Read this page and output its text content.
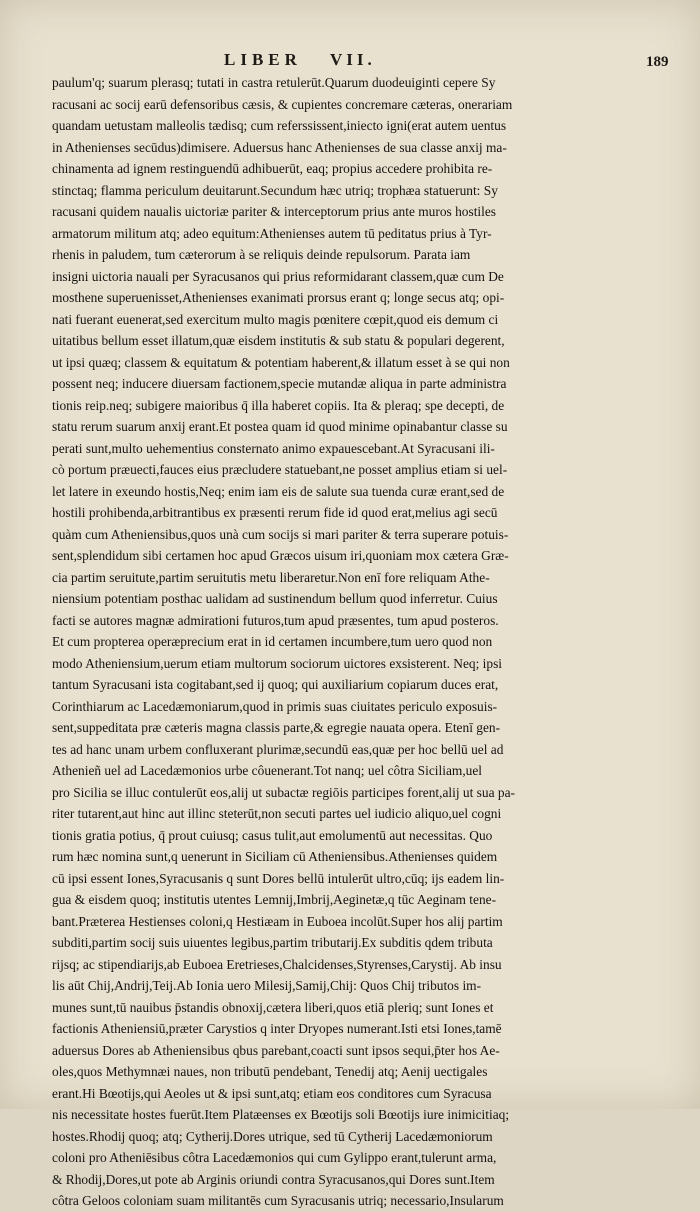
LIBER VII.	189
paulum'q; suarum plerasq; tutati in castra retulerūt.Quarum duodeuiginti cepere Sy
racusani ac socij earū defensoribus cæsis, & cupientes concremare cæteras, onerariam
quandam uetustam malleolis tædisq; cum referssissent,iniecto igni(erat autem uentus
in Athenienses secūdus)dimisere. Aduersus hanc Athenienses de sua classe anxij ma-
chinamenta ad ignem restinguendū adhibuerūt, eaq; propius accedere prohibita re-
stinctaq; flamma periculum deuitarunt.Secundum hæc utriq; trophæa statuerunt: Sy
racusani quidem naualis uictoriæ pariter & interceptorum prius ante muros hostiles
armatorum militum atq; adeo equitum:Athenienses autem tū peditatus prius à Tyr-
rhenis in paludem, tum cæterorum à se reliquis deinde repulsorum. Parata iam
insigni uictoria nauali per Syracusanos qui prius reformidarant classem,quæ cum De
mosthene superuenisset,Athenienses exanimati prorsus erant q; longe secus atq; opi-
nati fuerant euenerat,sed exercitum multo magis pœnitere cœpit,quod eis demum ci
uitatibus bellum esset illatum,quæ eisdem institutis & sub statu & populari degerent,
ut ipsi quæq; classem & equitatum & potentiam haberent,& illatum esset à se qui non
possent neq; inducere diuersam factionem,specie mutandæ aliqua in parte administra
tionis reip.neq; subigere maioribus q̄ illa haberet copiis. Ita & pleraq; spe decepti, de
statu rerum suarum anxij erant.Et postea quam id quod minime opinabantur classe su
perati sunt,multo uehementius consternato animo expauescebant.At Syracusani ili-
cò portum præuecti,fauces eius præcludere statuebant,ne posset amplius etiam si uel-
let latere in exeundo hostis,Neq; enim iam eis de salute sua tuenda curæ erant,sed de
hostili prohibenda,arbitrantibus ex præsenti rerum fide id quod erat,melius agi secū
quàm cum Atheniensibus,quos unà cum socijs si mari pariter & terra superare potuis-
sent,splendidum sibi certamen hoc apud Græcos uisum iri,quoniam mox cætera Græ-
cia partim seruitute,partim seruitutis metu liberaretur.Non enī fore reliquam Athe-
niensium potentiam posthac ualidam ad sustinendum bellum quod inferretur. Cuius
facti se autores magnæ admirationi futuros,tum apud præsentes, tum apud posteros.
Et cum propterea operæprecium erat in id certamen incumbere,tum uero quod non
modo Atheniensium,uerum etiam multorum sociorum uictores exsisterent. Neq; ipsi
tantum Syracusani ista cogitabant,sed ij quoq; qui auxiliarium copiarum duces erat,
Corinthiarum ac Lacedæmoniarum,quod in primis suas ciuitates periculo exposuis-
sent,suppeditata præ cæteris magna classis parte,& egregie nauata opera. Etenī gen-
tes ad hanc unam urbem confluxerant plurimæ,secundū eas,quæ per hoc bellū uel ad
Athenieñ uel ad Lacedæmonios urbe côuenerant.Tot nanq; uel côtra Siciliam,uel
pro Sicilia se illuc contulerūt eos,alij ut subactæ regiōis participes forent,alij ut sua pa-
riter tutarent,aut hinc aut illinc steterūt,non secuti partes uel iudicio aliquo,uel cogni
tionis gratia potius, q̄ prout cuiusq; casus tulit,aut emolumentū aut necessitas. Quo
rum hæc nomina sunt,q uenerunt in Siciliam cū Atheniensibus.Athenienses quidem
cū ipsi essent Iones,Syracusanis q sunt Dores bellū intulerūt ultro,cūq; ijs eadem lin-
gua & eisdem quoq; institutis utentes Lemnij,Imbrij,Aeginetæ,q tūc Aeginam tene-
bant.Præterea Hestienses coloni,q Hestiæam in Euboea incolūt.Super hos alij partim
subditi,partim socij suis uiuentes legibus,partim tributarij.Ex subditis qdem tributa
rijsq; ac stipendiarijs,ab Euboea Eretrieses,Chalcidenses,Styrenses,Carystij. Ab insu
lis aūt Chij,Andrij,Teij.Ab Ionia uero Milesij,Samij,Chij: Quos Chij tributos im-
munes sunt,tū nauibus p̄standis obnoxij,cætera liberi,quos etiā pleriq; sunt Iones et
factionis Atheniensiū,præter Carystios q inter Dryopes numerant.Isti etsi Iones,tamē
aduersus Dores ab Atheniensibus qbus parebant,coacti sunt ipsos sequi,p̄ter hos Ae-
oles,quos Methymnæi naues, non tributū pendebant, Tenedij atq; Aenij uectigales
erant.Hi Bœotijs,qui Aeoles ut & ipsi sunt,atq; etiam eos conditores cum Syracusa
nis necessitate hostes fuerūt.Item Platæenses ex Bœotijs soli Bœotijs iure inimicitiaq;
hostes.Rhodij quoq; atq; Cytherij.Dores utrique, sed tū Cytherij Lacedæmoniorum
coloni pro Atheniēsibus côtra Lacedæmonios qui cum Gylippo erant,tulerunt arma,
& Rhodij,Dores,ut pote ab Arginis oriundi contra Syracusanos,qui Dores sunt.Item
côtra Geloos coloniam suam militantēs cum Syracusanis utriq; necessario,Insularum
